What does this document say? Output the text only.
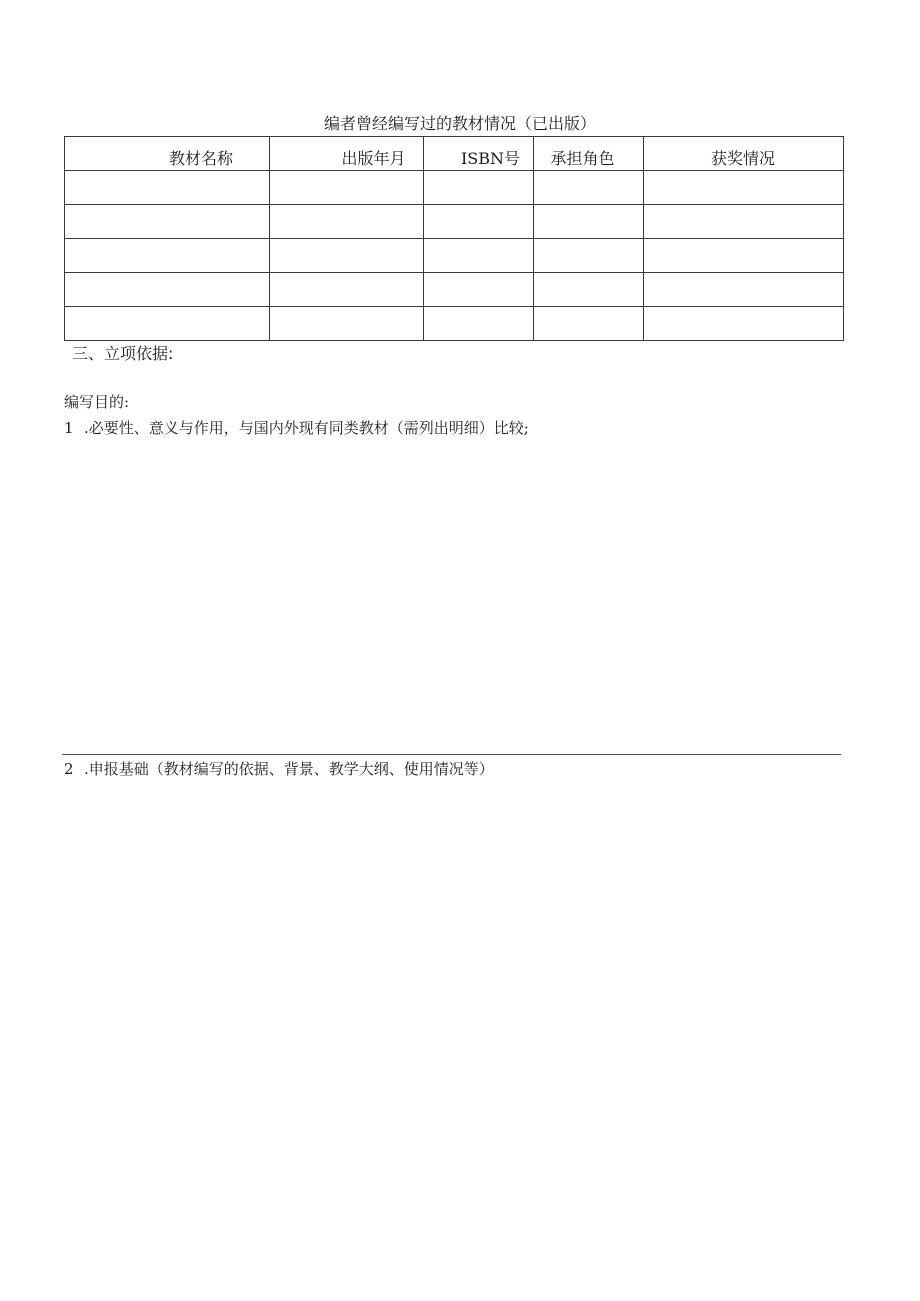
编者曾经编写过的教材情况（已出版）
教材名称	出版年月	ISBN号	承担角色	获奖情况

三、立项依据:
编写目的:
1 .必要性、意义与作用，与国内外现有同类教材（需列出明细）比较;
2 .申报基础（教材编写的依据、背景、教学大纲、使用情况等）
